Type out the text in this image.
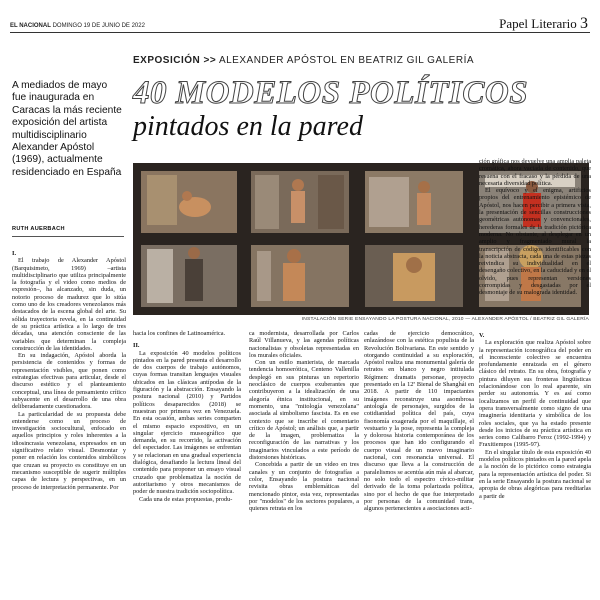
EL NACIONAL DOMINGO 19 DE JUNIO DE 2022	Papel Literario 3
A mediados de mayo fue inaugurada en Caracas la más reciente exposición del artista multidisciplinario Alexander Apóstol (1969), actualmente residenciado en España
RUTH AUERBACH
EXPOSICIÓN >> ALEXANDER APÓSTOL EN BEATRIZ GIL GALERÍA
40 MODELOS POLÍTICOS
pintados en la pared
INSTALACIÓN SERIE ENSAYANDO LA POSTURA NACIONAL, 2010 — ALEXANDER APÓSTOL / BEATRIZ GIL GALERÍA

I.

El trabajo de Alexander Apóstol (Barquisimeto, 1969) –artista multidisciplinario que utiliza principalmente la fotografía y el video como medios de expresión–, ha alcanzado, sin duda, un notorio proceso de madurez que lo sitúa como uno de los creadores venezolanos más destacados de la escena global del arte. Su sólida trayectoria revela, en la continuidad de su práctica artística a lo largo de tres décadas, una atención consciente de las variables que determinan la compleja construcción de las identidades.

En su indagación, Apóstol aborda la persistencia de contenidos y formas de representación visibles, que ponen como estrategias efectivas para articular, desde el discurso estético y el planteamiento conceptual, una línea de pensamiento crítico subyacente en el desarrollo de una obra deliberadamente cuestionadora.

La particularidad de su propuesta debe entenderse como un proceso de investigación sociocultural, enfocado en aquellos principios y roles inherentes a la idiosincrasia venezolana, expresados en un significativo relato visual. Desmontar y poner en relación los contenidos simbólicos que cruzan su proyecto es constituye en un mecanismo susceptible de sugerir múltiples capas de lectura y perspectivas, en un proceso de interpretación permanente. Por

hacia los confines de Latinoamérica.

II.

La exposición 40 modelos políticos pintados en la pared presenta el desarrollo de dos cuerpos de trabajo autónomos, cuyas formas transitan lenguajes visuales ubicados en las clásicas antípodas de la figuración y la abstracción. Ensayando la postura nacional (2010) y Partidos políticos desaparecidos (2018) se muestran por primera vez en Venezuela. En esta ocasión, ambas series comparten el mismo espacio expositivo, en un singular ejercicio museográfico que demanda, en su recorrido, la activación del espectador. Las imágenes se enfrentan y se relacionan en una gradual experiencia dialógica, desafiando la lectura lineal del contenido para proponer un ensayo visual cruzado que problematiza la noción de autoritarismo y otros mecanismos de poder de nuestra tradición sociopolítica.

Cada una de estas propuestas, produ-

ca modernista, desarrollada por Carlos Raúl Villanueva, y las agendas políticas nacionalistas y obsoletas representadas en los murales oficiales.

Con un estilo manierista, de marcada tendencia homoerótica, Centeno Vallenilla desplegó en sus pinturas un repertorio neoclásico de cuerpos exuberantes que contribuyeron a la idealización de una alegoría étnica institucional, en su momento, una "mitología venezolana" asociada al simbolismo fascista. Es en ese contexto que se inscribe el comentario crítico de Apóstol; un análisis que, a partir de la imagen, problematiza la reconfiguración de las narrativas y los imaginarios vinculados a este período de distorsiones históricas.

Concebida a partir de un video en tres canales y un conjunto de fotografías a color, Ensayando la postura nacional revisita obras emblemáticas del mencionado pintor, esta vez, representadas por "modelos" de los sectores populares, a quienes retrata en los

cadas de ejercicio democrático, enlazándose con la estética populista de la Revolución Bolivariana. En este sentido y otorgando continuidad a su exploración, Apóstol realiza una monumental galería de retratos en blanco y negro intitulada Régimen: dramatis personae, proyecto presentado en la 12ª Bienal de Shanghái en 2018. A partir de 110 impactantes imágenes reconstruye una asombrosa antología de personajes, surgidos de la cotidianidad política del país, cuya fisonomía exagerada por el maquillaje, el vestuario y la pose, representa la compleja y dolorosa historia contemporánea de los procesos que han ido configurando el cuerpo visual de un nuevo imaginario nacional, con resonancia universal. El discurso que lleva a la construcción de paralelismos se acentúa aún más al abarcar, no solo todo el espectro cívico-militar derivado de la toma polarizada política, sino por el hecho de que fue interpretado por personas de la comunidad trans, algunos pertenecientes a asociaciones acti-

ción gráfica nos devuelve una amplia paleta cromática, ahora vaciada de contenido, que resuena con el fracaso y la pérdida de una necesaria diversidad política.

El equívoco y el enigma, artificios propios del entrenamiento epistémico de Apóstol, nos hacen percibir a primera vista, la presentación de sencillas construcciones geométricas autónomas y convencionales, herederas formales de la tradición pictórica moderna. No obstante, al desplegar en un amplio y fragmentado mural la transcripción de códigos identificables con la noticia abstracta, cada una de estas piezas reivindica su individualidad en el desengaño colectivo, en la caducidad y en el olvido, pues representan versiones corrompidas y desgastadas por el desmontaje de su malograda identidad.

V.

La exploración que realiza Apóstol sobre la representación iconográfica del poder en el inconsciente colectivo se encuentra profundamente enraizada en el género clásico del retrato. En su obra, fotografía y pintura diluyen sus fronteras lingüísticas relacionándose con lo real aparente, sin perder su autonomía. Y es así como localizamos un perfil de continuidad que opera transversalmente como signo de una imaginería identitaria y simbólica de los roles sociales, que ya ha estado presente desde los inicios de su práctica artística en series como Calibarro Feroz (1992-1994) y Fraxitiempos (1995-97).

En el singular título de esta exposición 40 modelos políticos pintados en la pared apela a la noción de lo pictórico como estrategia para la representación artística del poder. Si en la serie Ensayando la postura nacional se apropia de obras alegóricas para reeditarlas a partir de
